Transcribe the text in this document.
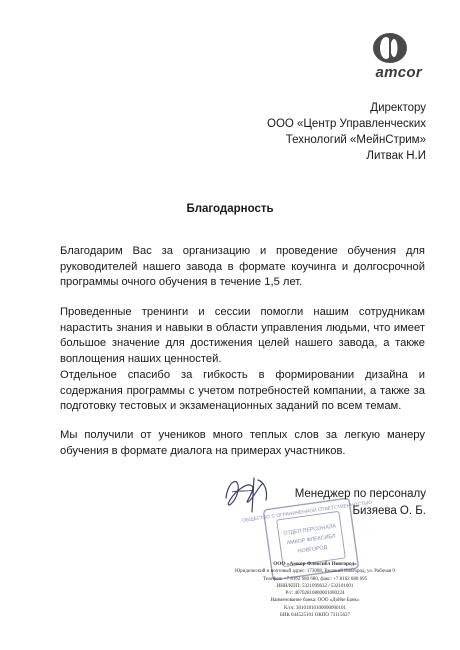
amcor
Директору
ООО «Центр Управленческих
Технологий «МейнСтрим»
Литвак Н.И
Благодарность

Благодарим Вас за организацию и проведение обучения для руководителей нашего завода в формате коучинга и долгосрочной программы очного обучения в течение 1,5 лет.

Проведенные тренинги и сессии помогли нашим сотрудникам нарастить знания и навыки в области управления людьми, что имеет большое значение для достижения целей нашего завода, а также воплощения наших ценностей.

Отдельное спасибо за гибкость в формировании дизайна и содержания программы с учетом потребностей компании, а также за подготовку тестовых и экзаменационных заданий по всем темам.

Мы получили от учеников много теплых слов за легкую манеру обучения в формате диалога на примерах участников.

ОБЩЕСТВО С ОГРАНИЧЕННОЙ ОТВЕТСТВЕННОСТЬЮ
ОТДЕЛ ПЕРСОНАЛА
АМКОР ФЛЕКСИБЛ
НОВГОРОД
Менеджер по персоналу
Бизяева О. Б.
ООО «Амкор Флексибл Новгород»
Юридический и почтовый адрес: 173008, Великий Новгород, ул. Рабочая 9
Телефон: +7 8162 680 680, факс: +7 8162 680 695
ИНН/КПП: 5321099632 / 532101001
Р/с: 40702810800001000224
Наименование банка: ООО «Дойче Банк»
К/сч: 30101810100000000101
БИК 044525101 ОКПО 73115627
